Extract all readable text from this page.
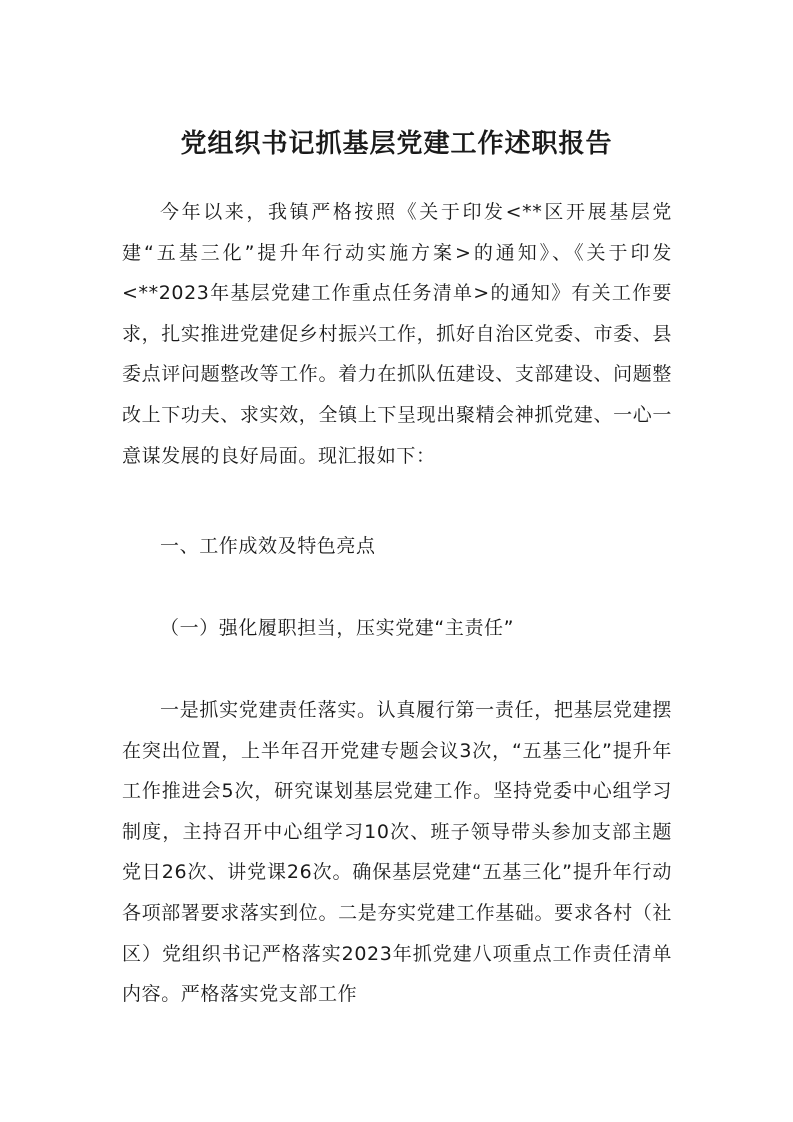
党组织书记抓基层党建工作述职报告

今年以来，我镇严格按照《关于印发<**区开展基层党建“五基三化”提升年行动实施方案>的通知》、《关于印发<**2023年基层党建工作重点任务清单>的通知》有关工作要求，扎实推进党建促乡村振兴工作，抓好自治区党委、市委、县委点评问题整改等工作。着力在抓队伍建设、支部建设、问题整改上下功夫、求实效，全镇上下呈现出聚精会神抓党建、一心一意谋发展的良好局面。现汇报如下：

一、工作成效及特色亮点

（一）强化履职担当，压实党建“主责任”

一是抓实党建责任落实。认真履行第一责任，把基层党建摆在突出位置，上半年召开党建专题会议3次，“五基三化”提升年工作推进会5次，研究谋划基层党建工作。坚持党委中心组学习制度，主持召开中心组学习10次、班子领导带头参加支部主题党日26次、讲党课26次。确保基层党建“五基三化”提升年行动各项部署要求落实到位。二是夯实党建工作基础。要求各村（社区）党组织书记严格落实2023年抓党建八项重点工作责任清单内容。严格落实党支部工作
